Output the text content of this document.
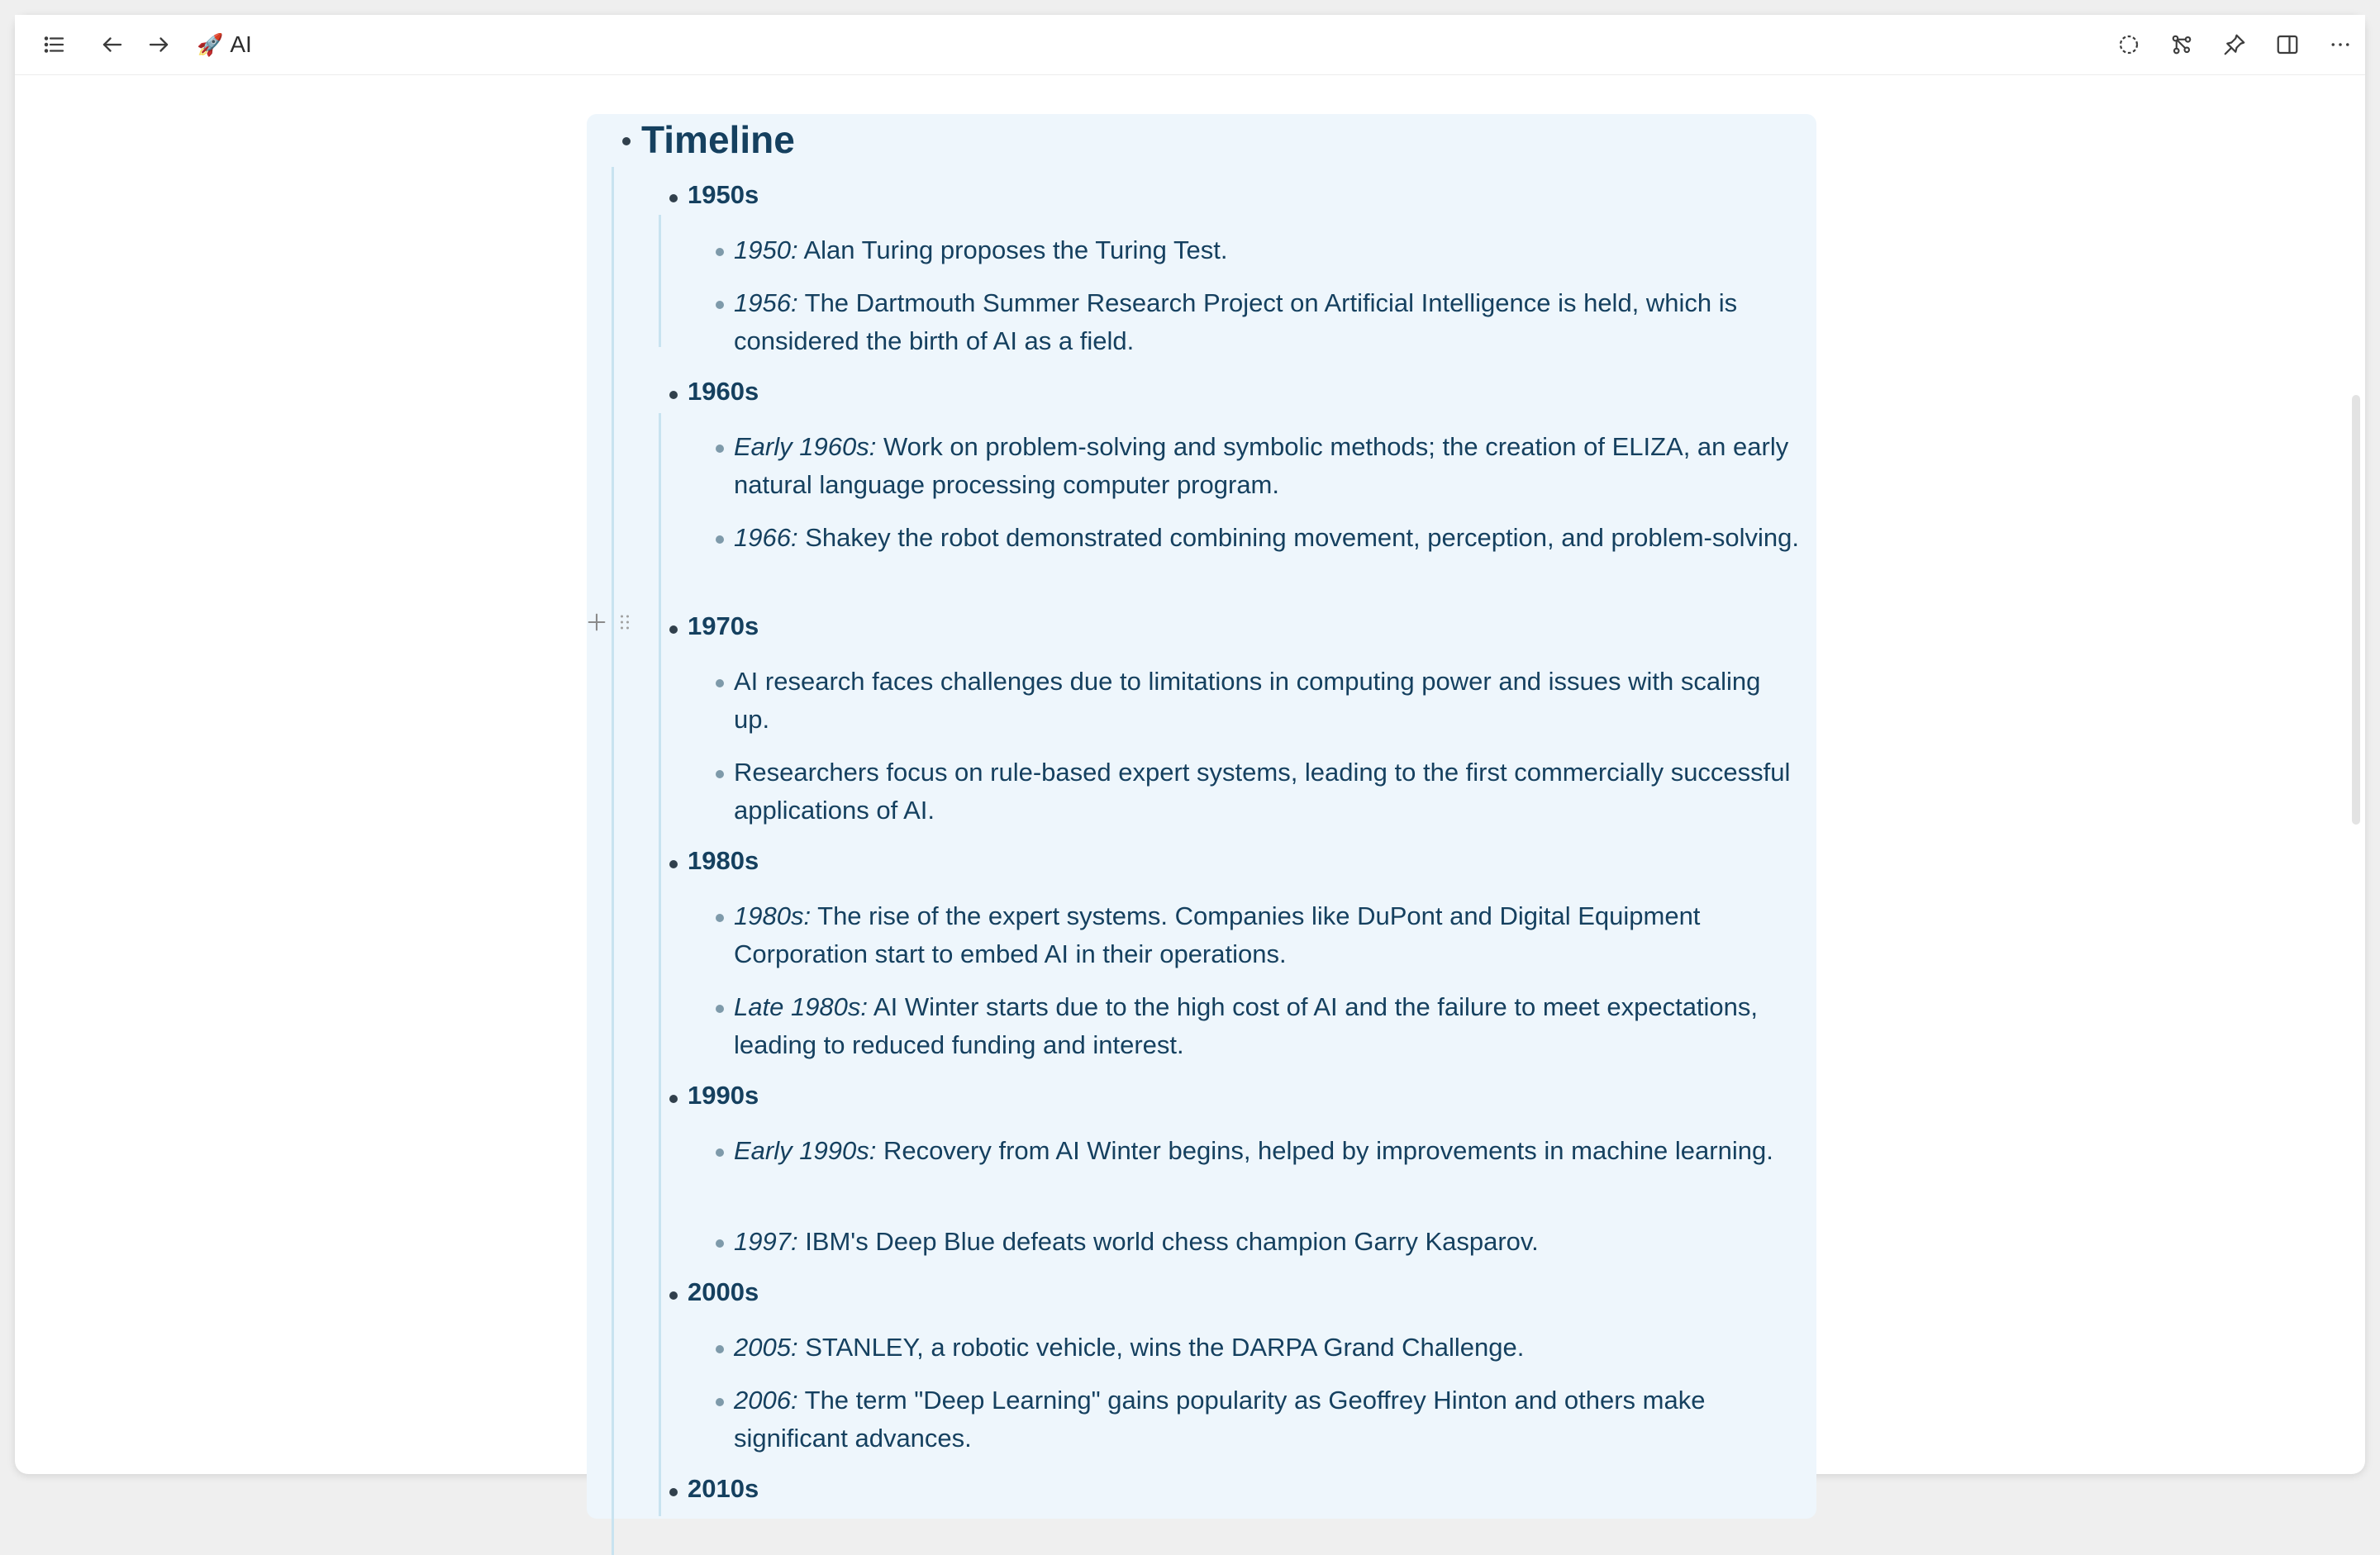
🚀 AI
Timeline
1950s
1950: Alan Turing proposes the Turing Test.
1956: The Dartmouth Summer Research Project on Artificial Intelligence is held, which is considered the birth of AI as a field.
1960s
Early 1960s: Work on problem-solving and symbolic methods; the creation of ELIZA, an early natural language processing computer program.
1966: Shakey the robot demonstrated combining movement, perception, and problem-solving.
1970s
AI research faces challenges due to limitations in computing power and issues with scaling up.
Researchers focus on rule-based expert systems, leading to the first commercially successful applications of AI.
1980s
1980s: The rise of the expert systems. Companies like DuPont and Digital Equipment Corporation start to embed AI in their operations.
Late 1980s: AI Winter starts due to the high cost of AI and the failure to meet expectations, leading to reduced funding and interest.
1990s
Early 1990s: Recovery from AI Winter begins, helped by improvements in machine learning.
1997: IBM's Deep Blue defeats world chess champion Garry Kasparov.
2000s
2005: STANLEY, a robotic vehicle, wins the DARPA Grand Challenge.
2006: The term "Deep Learning" gains popularity as Geoffrey Hinton and others make significant advances.
2010s
